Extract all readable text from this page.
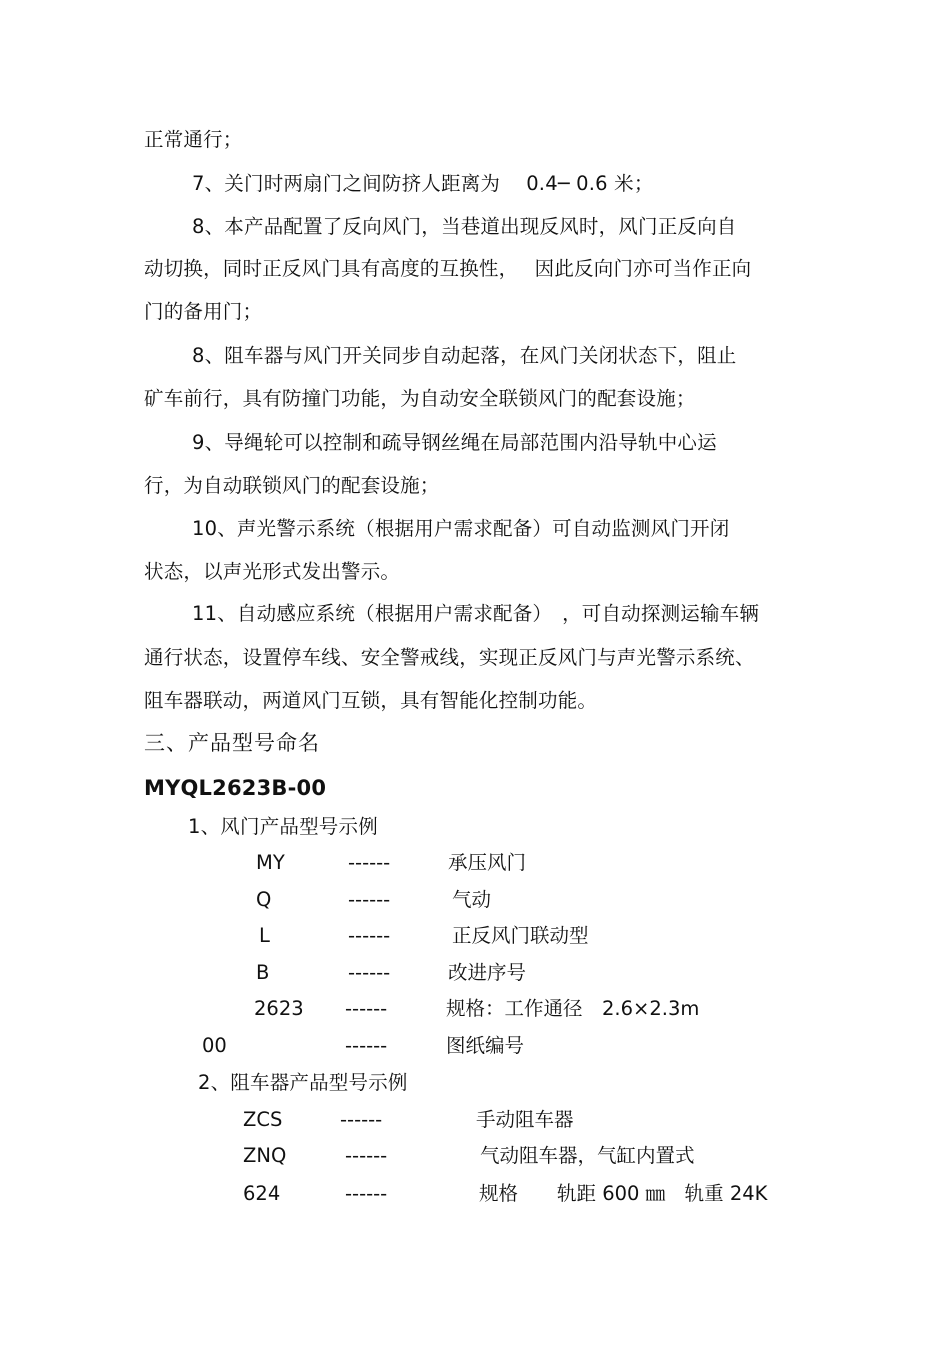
正常通行；
7、关门时两扇门之间防挤人距离为　 0.4─ 0.6 米；
8、本产品配置了反向风门，当巷道出现反风时，风门正反向自
动切换，同时正反风门具有高度的互换性，　 因此反向门亦可当作正向
门的备用门；
8、阻车器与风门开关同步自动起落，在风门关闭状态下，阻止
矿车前行，具有防撞门功能，为自动安全联锁风门的配套设施；
9、导绳轮可以控制和疏导钢丝绳在局部范围内沿导轨中心运
行，为自动联锁风门的配套设施；
10、声光警示系统（根据用户需求配备）可自动监测风门开闭
状态，以声光形式发出警示。
11、自动感应系统（根据用户需求配备）　，可自动探测运输车辆
通行状态，设置停车线、安全警戒线，实现正反风门与声光警示系统、
阻车器联动，两道风门互锁，具有智能化控制功能。
三、产品型号命名
MYQL2623B-00
1、风门产品型号示例
MY	------	承压风门
Q	------	气动
L	------	正反风门联动型
B	------	改进序号
2623 ------	规格：工作通径　2.6×2.3m
00	------	图纸编号
2、阻车器产品型号示例
ZCS	------	手动阻车器
ZNQ	------	气动阻车器，气缸内置式
624	------	规格　　轨距 600 ㎜　轨重 24K
